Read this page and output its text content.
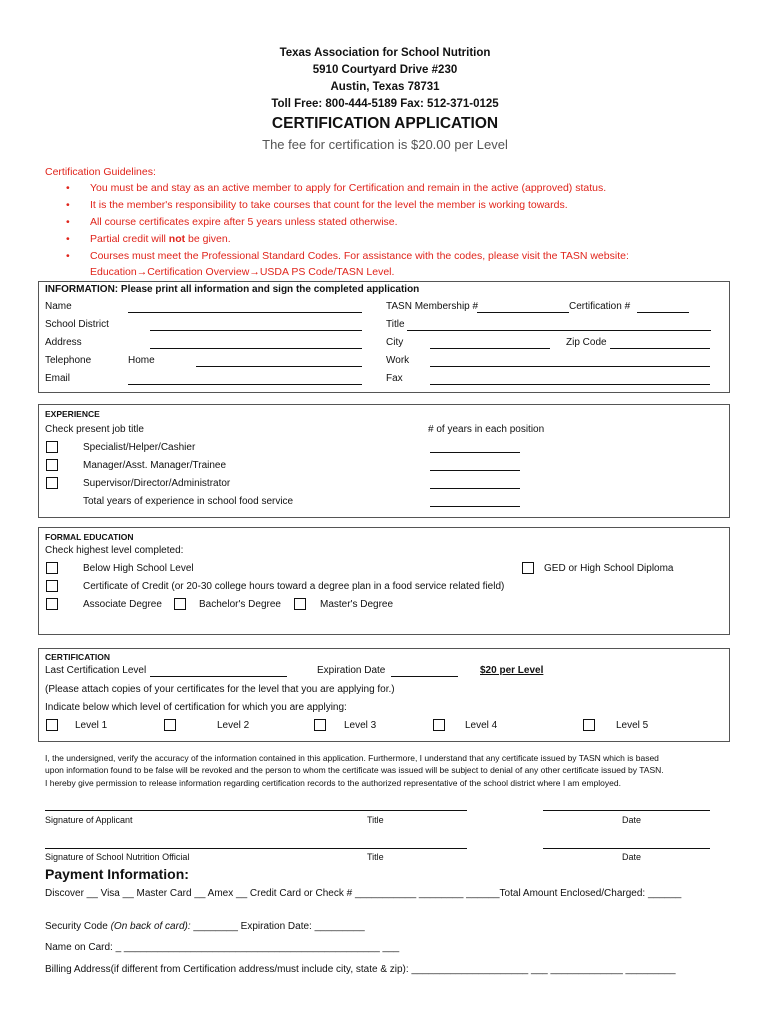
Texas Association for School Nutrition
5910 Courtyard Drive #230
Austin, Texas 78731
Toll Free: 800-444-5189 Fax: 512-371-0125
CERTIFICATION APPLICATION
The fee for certification is $20.00 per Level
Certification Guidelines:
• You must be and stay as an active member to apply for Certification and remain in the active (approved) status.
• It is the member's responsibility to take courses that count for the level the member is working towards.
• All course certificates expire after 5 years unless stated otherwise.
• Partial credit will not be given.
• Courses must meet the Professional Standard Codes. For assistance with the codes, please visit the TASN website:
Education→Certification Overview→USDA PS Code/TASN Level.
INFORMATION: Please print all information and sign the completed application
Name	TASN Membership #	Certification #
School District	Title
Address	City	Zip Code
Telephone	Home	Work
Email	Fax
EXPERIENCE
Check present job title	# of years in each position
Specialist/Helper/Cashier
Manager/Asst. Manager/Trainee
Supervisor/Director/Administrator
Total years of experience in school food service
FORMAL EDUCATION
Check highest level completed:
Below High School Level	GED or High School Diploma
Certificate of Credit (or 20-30 college hours toward a degree plan in a food service related field)
Associate Degree	Bachelor's Degree	Master's Degree
CERTIFICATION
Last Certification Level	Expiration Date	$20 per Level
(Please attach copies of your certificates for the level that you are applying for.)
Indicate below which level of certification for which you are applying:
Level 1	Level 2	Level 3	Level 4	Level 5
I, the undersigned, verify the accuracy of the information contained in this application. Furthermore, I understand that any certificate issued by TASN which is based
upon information found to be false will be revoked and the person to whom the certificate was issued will be subject to denial of any other certificate issued by TASN.
I hereby give permission to release information regarding certification records to the authorized representative of the school district where I am employed.
Signature of Applicant	Title	Date
Signature of School Nutrition Official	Title	Date
Payment Information:
Discover __ Visa __ Master Card __ Amex __ Credit Card or Check # ___________ ________ ______Total Amount Enclosed/Charged: ______
Security Code (On back of card): ________ Expiration Date: _________
Name on Card: _ ______________________________________________ ___
Billing Address(if different from Certification address/must include city, state & zip): _____________________ ___ _____________ _________
